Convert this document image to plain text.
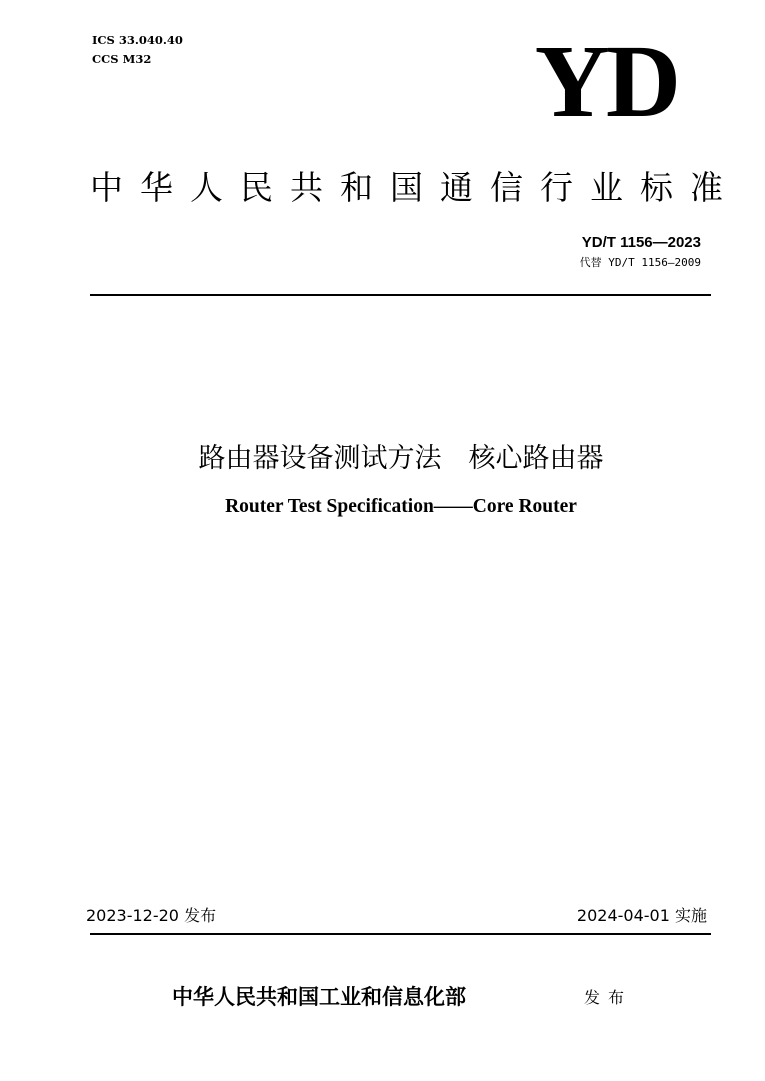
ICS 33.040.40
CCS M32	YD
中华人民共和国通信行业标准
YD/T 1156—2023
代替 YD/T 1156—2009
路由器设备测试方法　核心路由器
Router Test Specification——Core Router
2023-12-20 发布	2024-04-01 实施
中华人民共和国工业和信息化部	发布
